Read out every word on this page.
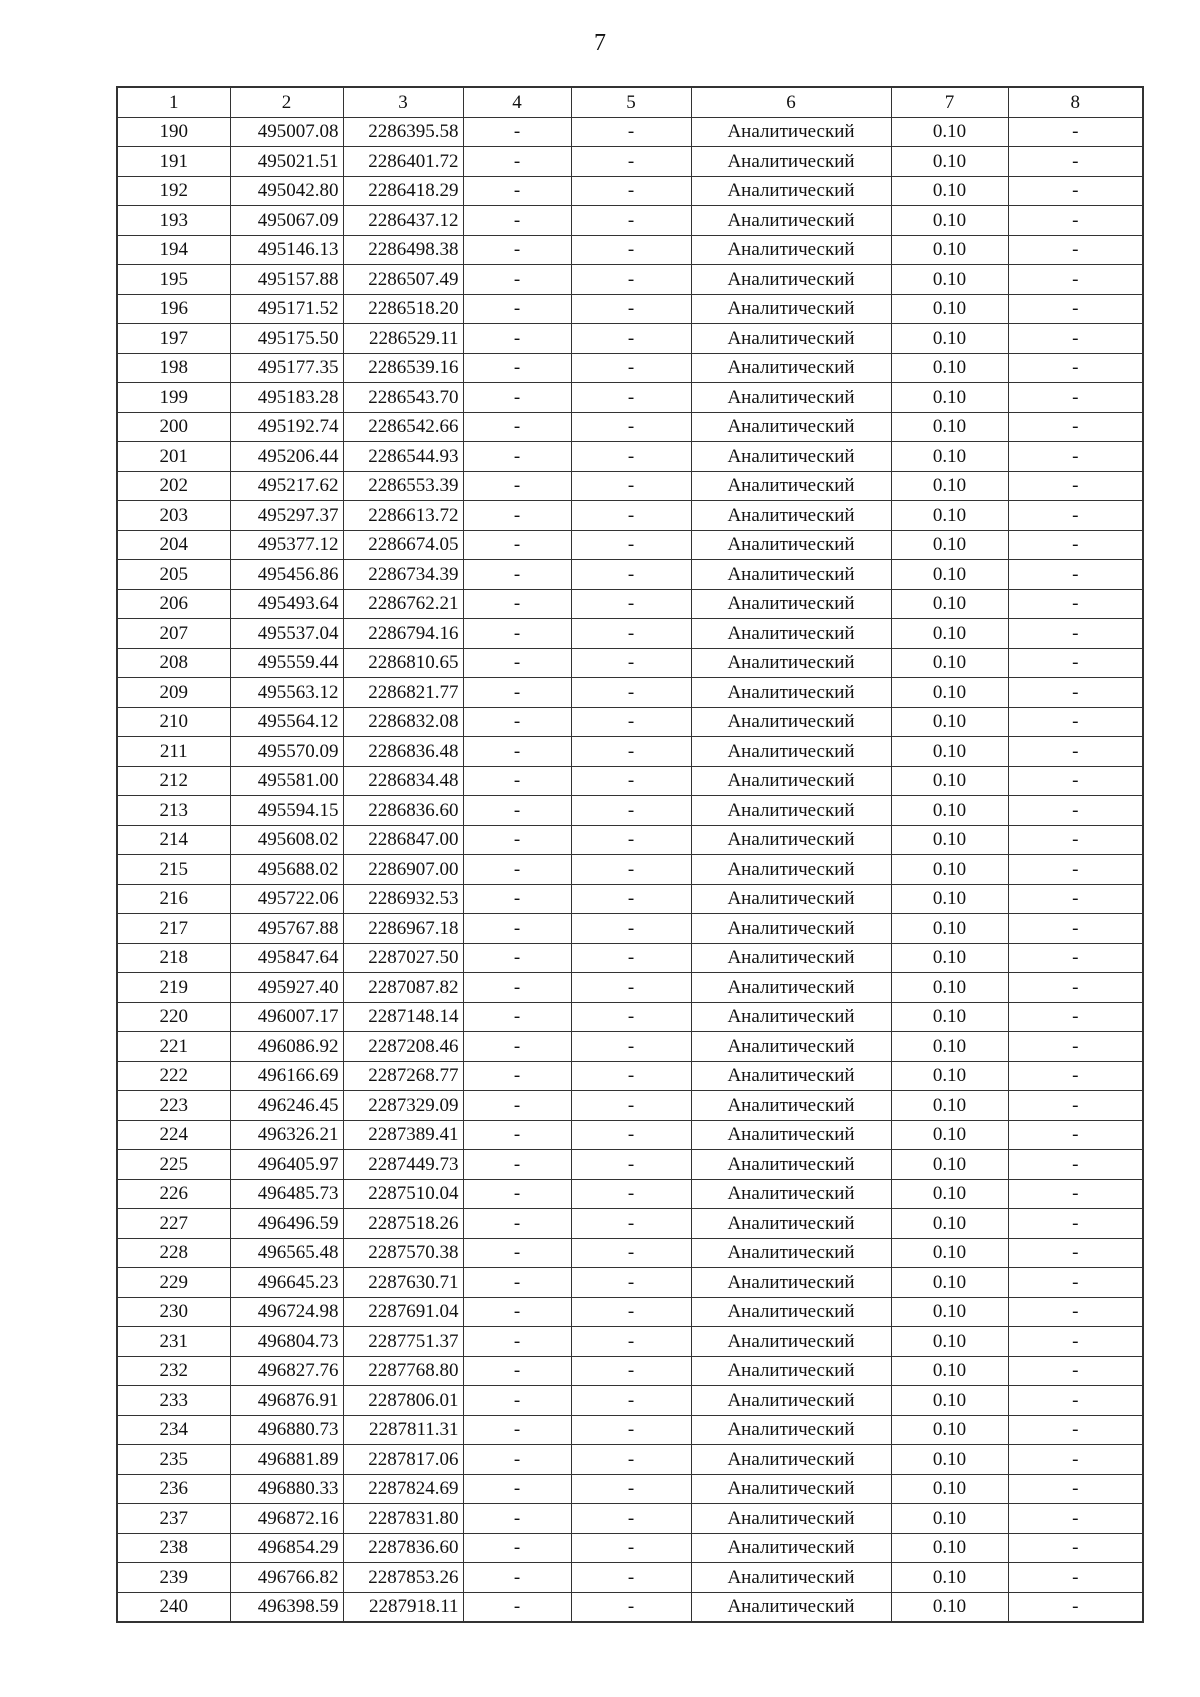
7
1	2	3	4	5	6	7	8
190	495007.08	2286395.58	-	-	Аналитический	0.10	-
191	495021.51	2286401.72	-	-	Аналитический	0.10	-
192	495042.80	2286418.29	-	-	Аналитический	0.10	-
193	495067.09	2286437.12	-	-	Аналитический	0.10	-
194	495146.13	2286498.38	-	-	Аналитический	0.10	-
195	495157.88	2286507.49	-	-	Аналитический	0.10	-
196	495171.52	2286518.20	-	-	Аналитический	0.10	-
197	495175.50	2286529.11	-	-	Аналитический	0.10	-
198	495177.35	2286539.16	-	-	Аналитический	0.10	-
199	495183.28	2286543.70	-	-	Аналитический	0.10	-
200	495192.74	2286542.66	-	-	Аналитический	0.10	-
201	495206.44	2286544.93	-	-	Аналитический	0.10	-
202	495217.62	2286553.39	-	-	Аналитический	0.10	-
203	495297.37	2286613.72	-	-	Аналитический	0.10	-
204	495377.12	2286674.05	-	-	Аналитический	0.10	-
205	495456.86	2286734.39	-	-	Аналитический	0.10	-
206	495493.64	2286762.21	-	-	Аналитический	0.10	-
207	495537.04	2286794.16	-	-	Аналитический	0.10	-
208	495559.44	2286810.65	-	-	Аналитический	0.10	-
209	495563.12	2286821.77	-	-	Аналитический	0.10	-
210	495564.12	2286832.08	-	-	Аналитический	0.10	-
211	495570.09	2286836.48	-	-	Аналитический	0.10	-
212	495581.00	2286834.48	-	-	Аналитический	0.10	-
213	495594.15	2286836.60	-	-	Аналитический	0.10	-
214	495608.02	2286847.00	-	-	Аналитический	0.10	-
215	495688.02	2286907.00	-	-	Аналитический	0.10	-
216	495722.06	2286932.53	-	-	Аналитический	0.10	-
217	495767.88	2286967.18	-	-	Аналитический	0.10	-
218	495847.64	2287027.50	-	-	Аналитический	0.10	-
219	495927.40	2287087.82	-	-	Аналитический	0.10	-
220	496007.17	2287148.14	-	-	Аналитический	0.10	-
221	496086.92	2287208.46	-	-	Аналитический	0.10	-
222	496166.69	2287268.77	-	-	Аналитический	0.10	-
223	496246.45	2287329.09	-	-	Аналитический	0.10	-
224	496326.21	2287389.41	-	-	Аналитический	0.10	-
225	496405.97	2287449.73	-	-	Аналитический	0.10	-
226	496485.73	2287510.04	-	-	Аналитический	0.10	-
227	496496.59	2287518.26	-	-	Аналитический	0.10	-
228	496565.48	2287570.38	-	-	Аналитический	0.10	-
229	496645.23	2287630.71	-	-	Аналитический	0.10	-
230	496724.98	2287691.04	-	-	Аналитический	0.10	-
231	496804.73	2287751.37	-	-	Аналитический	0.10	-
232	496827.76	2287768.80	-	-	Аналитический	0.10	-
233	496876.91	2287806.01	-	-	Аналитический	0.10	-
234	496880.73	2287811.31	-	-	Аналитический	0.10	-
235	496881.89	2287817.06	-	-	Аналитический	0.10	-
236	496880.33	2287824.69	-	-	Аналитический	0.10	-
237	496872.16	2287831.80	-	-	Аналитический	0.10	-
238	496854.29	2287836.60	-	-	Аналитический	0.10	-
239	496766.82	2287853.26	-	-	Аналитический	0.10	-
240	496398.59	2287918.11	-	-	Аналитический	0.10	-
